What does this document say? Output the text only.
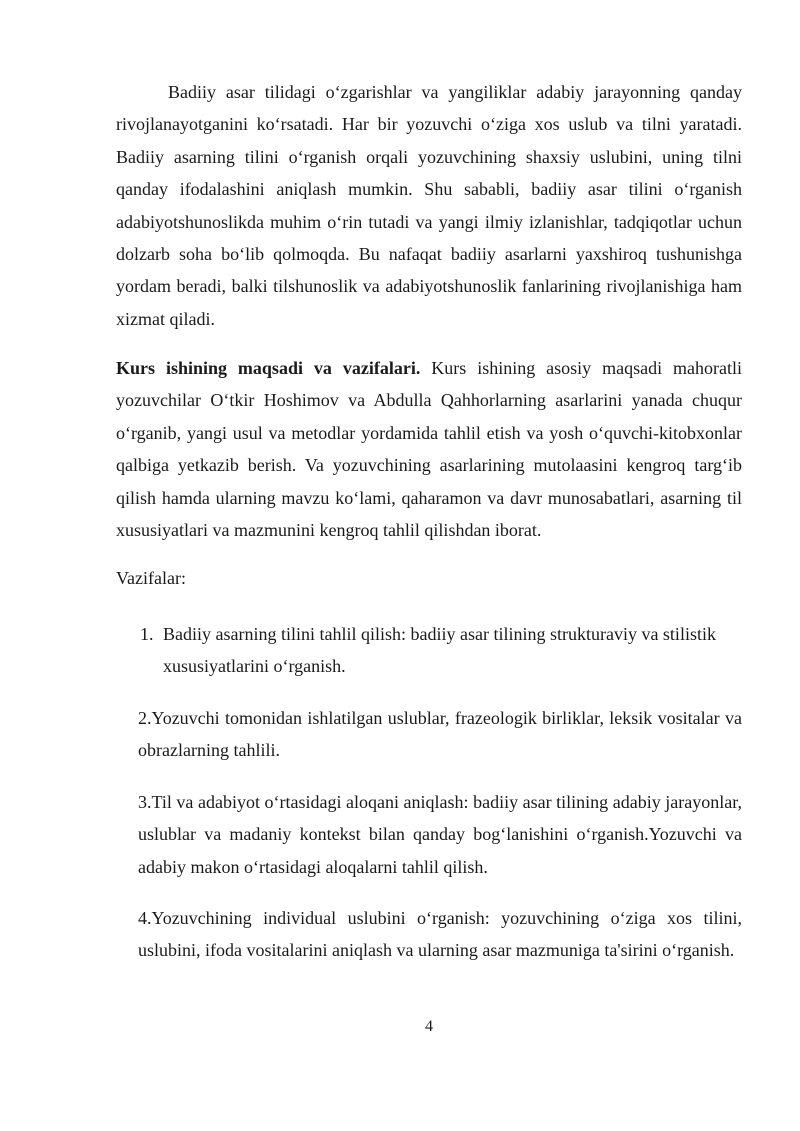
Badiiy asar tilidagi o‘zgarishlar va yangiliklar adabiy jarayonning qanday rivojlanayotganini ko‘rsatadi. Har bir yozuvchi o‘ziga xos uslub va tilni yaratadi. Badiiy asarning tilini o‘rganish orqali yozuvchining shaxsiy uslubini, uning tilni qanday ifodalashini aniqlash mumkin. Shu sababli, badiiy asar tilini o‘rganish adabiyotshunoslikda muhim o‘rin tutadi va yangi ilmiy izlanishlar, tadqiqotlar uchun dolzarb soha bo‘lib qolmoqda. Bu nafaqat badiiy asarlarni yaxshiroq tushunishga yordam beradi, balki tilshunoslik va adabiyotshunoslik fanlarining rivojlanishiga ham xizmat qiladi.

Kurs ishining maqsadi va vazifalari. Kurs ishining asosiy maqsadi mahoratli yozuvchilar O‘tkir Hoshimov va Abdulla Qahhorlarning asarlarini yanada chuqur o‘rganib, yangi usul va metodlar yordamida tahlil etish va yosh o‘quvchi-kitobxonlar qalbiga yetkazib berish. Va yozuvchining asarlarining mutolaasini kengroq targ‘ib qilish hamda ularning mavzu ko‘lami, qaharamon va davr munosabatlari, asarning til xususiyatlari va mazmunini kengroq tahlil qilishdan iborat.

Vazifalar:

1. Badiiy asarning tilini tahlil qilish: badiiy asar tilining strukturaviy va stilistik xususiyatlarini o‘rganish.

2.Yozuvchi tomonidan ishlatilgan uslublar, frazeologik birliklar, leksik vositalar va obrazlarning tahlili.

3.Til va adabiyot o‘rtasidagi aloqani aniqlash: badiiy asar tilining adabiy jarayonlar, uslublar va madaniy kontekst bilan qanday bog‘lanishini o‘rganish.Yozuvchi va adabiy makon o‘rtasidagi aloqalarni tahlil qilish.

4.Yozuvchining individual uslubini o‘rganish: yozuvchining o‘ziga xos tilini, uslubini, ifoda vositalarini aniqlash va ularning asar mazmuniga ta'sirini o‘rganish.

4
